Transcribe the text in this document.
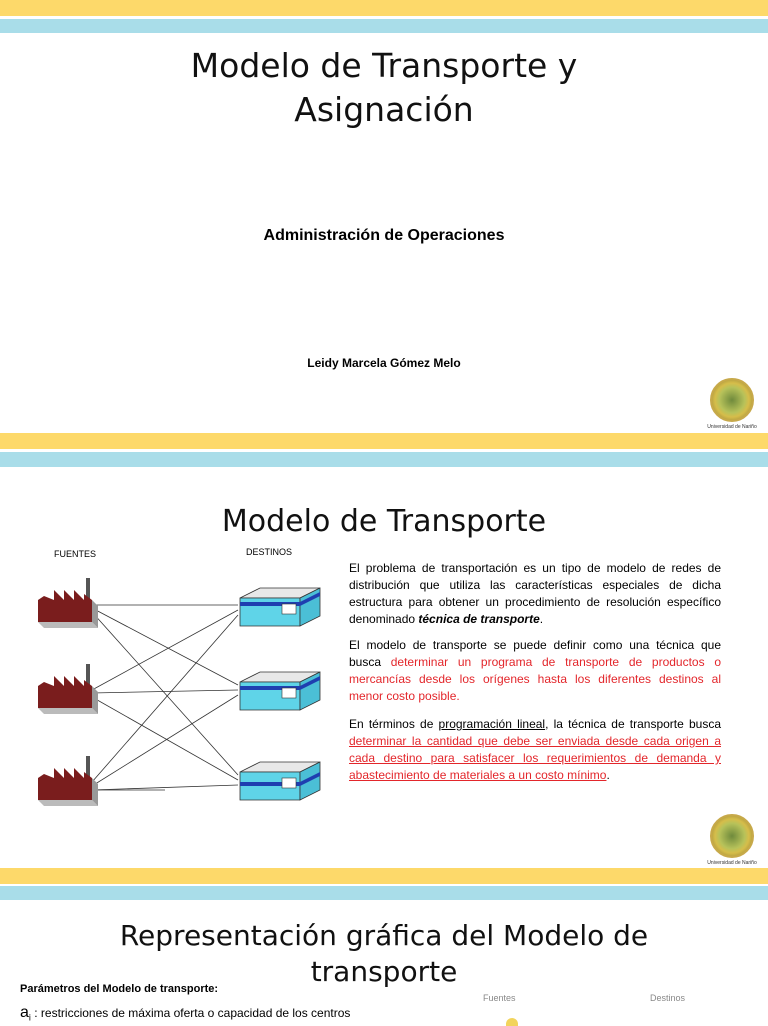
Modelo de Transporte y Asignación
Administración de Operaciones
Leidy Marcela Gómez Melo
Universidad de Nariño
Modelo de Transporte
FUENTES	DESTINOS
El problema de transportación es un tipo de modelo de redes de distribución que utiliza las características especiales de dicha estructura para obtener un procedimiento de resolución específico denominado técnica de transporte.
El modelo de transporte se puede definir como una técnica que busca determinar un programa de transporte de productos o mercancías desde los orígenes hasta los diferentes destinos al menor costo posible.
En términos de programación lineal, la técnica de transporte busca determinar la cantidad que debe ser enviada desde cada origen a cada destino para satisfacer los requerimientos de demanda y abastecimiento de materiales a un costo mínimo.
Universidad de Nariño
Representación gráfica del Modelo de transporte
Parámetros del Modelo de transporte:
$a_i$ : restricciones de máxima oferta o capacidad de los centros
Fuentes	Destinos
